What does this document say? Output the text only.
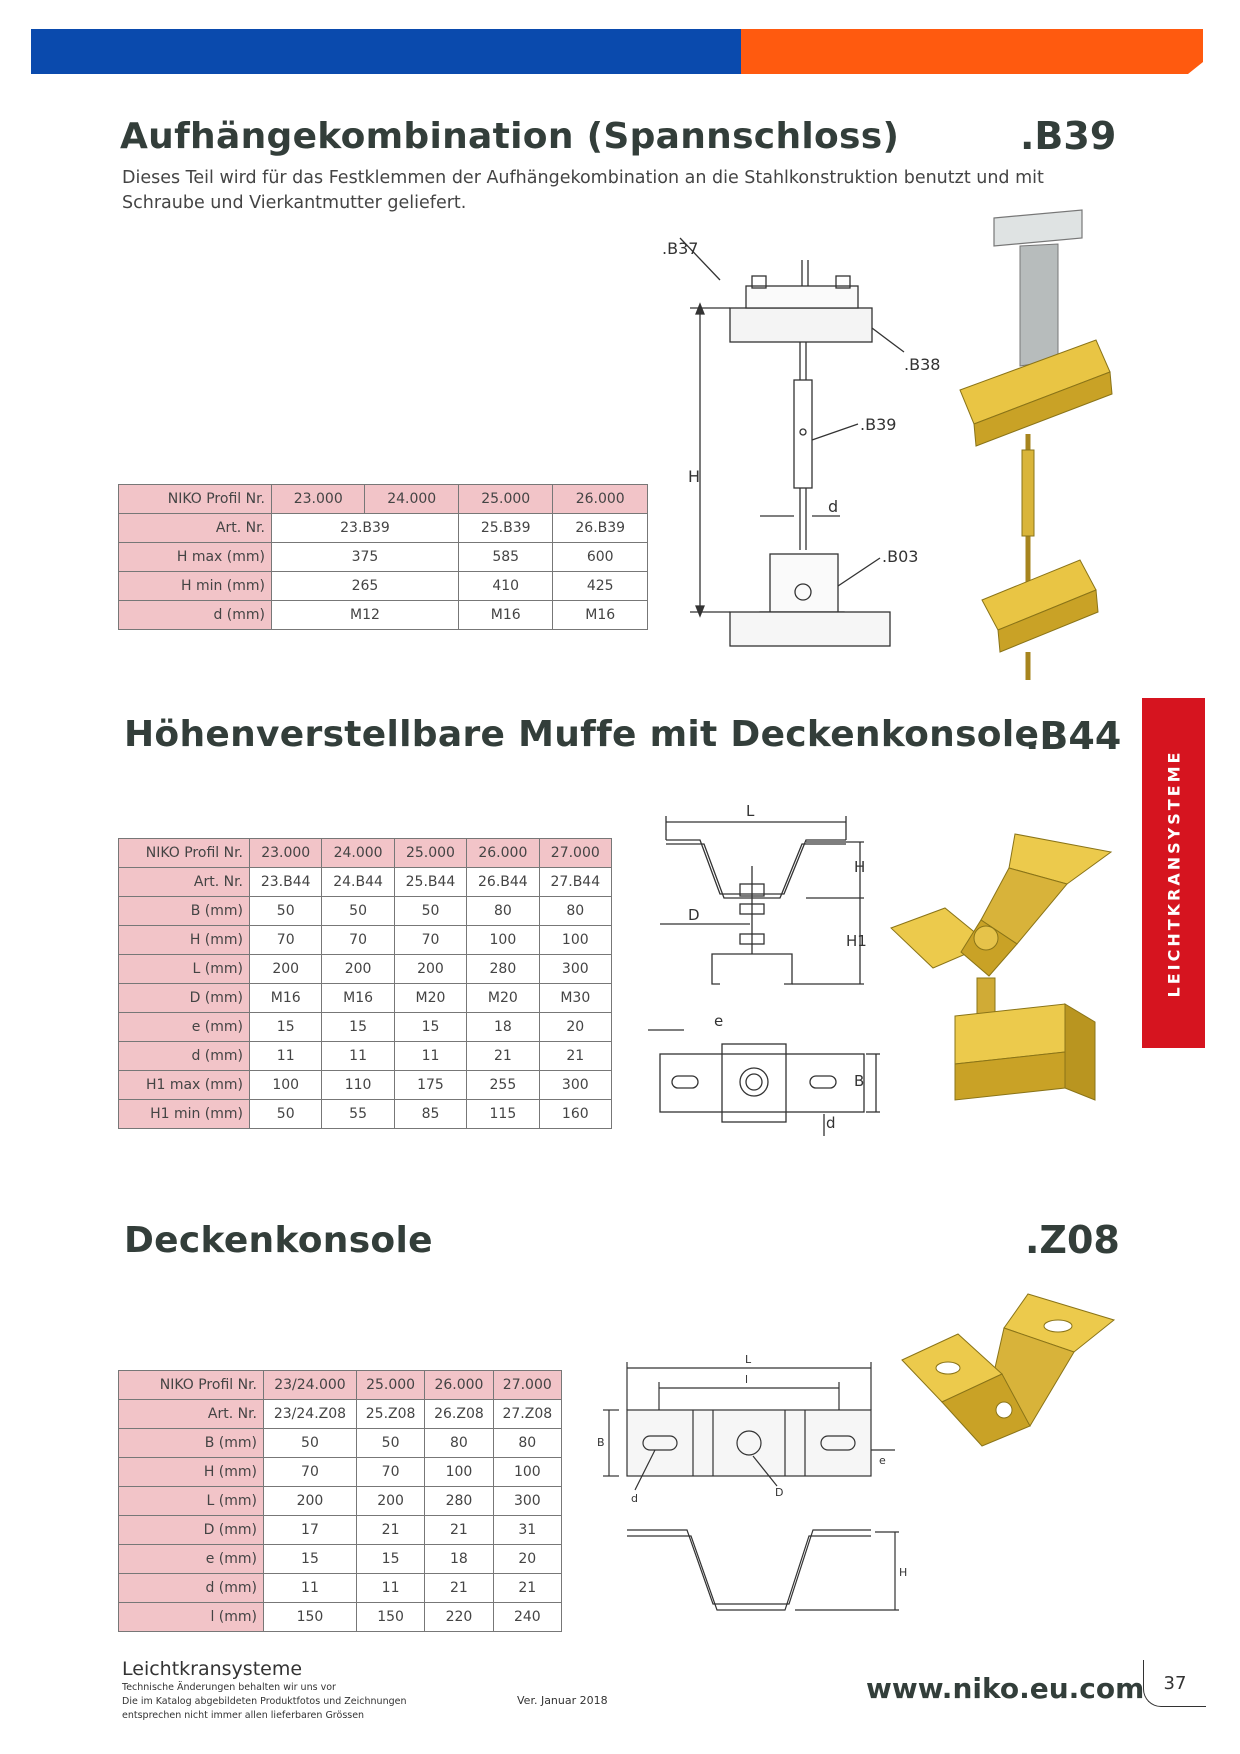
Aufhängekombination (Spannschloss)	.B39
Dieses Teil wird für das Festklemmen der Aufhängekombination an die Stahlkonstruktion benutzt und mit Schraube und Vierkantmutter geliefert.
NIKO Profil Nr.	23.000	24.000	25.000	26.000
Art. Nr.	23.B39		25.B39	26.B39
H max (mm)	375		585	600
H min (mm)	265		410	425
d (mm)	M12		M16	M16
.B37
.B38
.B39
.B03
H
d
Höhenverstellbare Muffe mit Deckenkonsole
.B44
NIKO Profil Nr.	23.000	24.000	25.000	26.000	27.000
Art. Nr.	23.B44	24.B44	25.B44	26.B44	27.B44
B (mm)	50	50	50	80	80
H (mm)	70	70	70	100	100
L (mm)	200	200	200	280	300
D (mm)	M16	M16	M20	M20	M30
e (mm)	15	15	15	18	20
d (mm)	11	11	11	21	21
H1 max (mm)	100	110	175	255	300
H1 min (mm)	50	55	85	115	160
L
H
D
H1
e
B
d
Deckenkonsole	.Z08
NIKO Profil Nr.	23/24.000	25.000	26.000	27.000
Art. Nr.	23/24.Z08	25.Z08	26.Z08	27.Z08
B (mm)	50	50	80	80
H (mm)	70	70	100	100
L (mm)	200	200	280	300
D (mm)	17	21	21	31
e (mm)	15	15	18	20
d (mm)	11	11	21	21
l (mm)	150	150	220	240
L
l
B
e
d	D
H
LEICHTKRANSYSTEME
Leichtkransysteme
Technische Änderungen behalten wir uns vor
Die im Katalog abgebildeten Produktfotos und Zeichnungen
entsprechen nicht immer allen lieferbaren Grössen
Ver. Januar 2018	www.niko.eu.com	37
